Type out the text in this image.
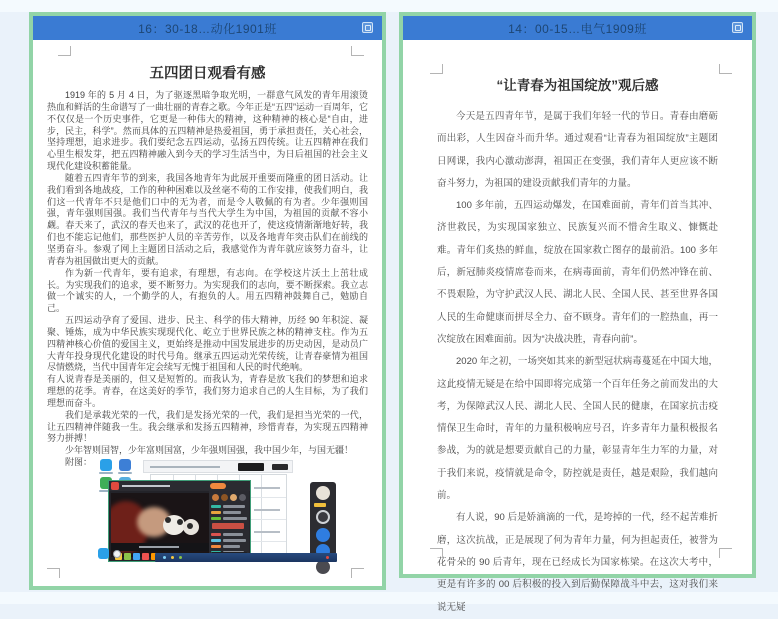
16：30-18…动化1901班
五四团日观看有感

1919 年的 5 月 4 日，为了驱逐黑暗争取光明，一群意气风发的青年用滚烫热血和鲜活的生命谱写了一曲壮丽的青春之歌。今年正是“五四”运动一百周年，它不仅仅是一个历史事件，它更是一种伟大的精神，这种精神的核心是“自由，进步，民主，科学”。然而具体的五四精神是热爱祖国，勇于承担责任，关心社会，坚持理想，追求进步。我们要纪念五四运动，弘扬五四传统。让五四精神在我们心里生根发芽，把五四精神融入到今天的学习生活当中，为日后祖国的社会主义现代化建设积蓄能量。

随着五四青年节的到来，我国各地青年为此展开重要而隆重的团日活动。让我们看到各地战疫，工作的种种困难以及丝毫不苟的工作安排，使我们明白，我们这一代青年不只是他们口中的无为者，而是令人敬佩的有为者。少年强则国强，青年强则国强。我们当代青年与当代大学生为中国，为祖国的贡献不容小觑。春天来了，武汉的春天也来了，武汉的花也开了，使这疫情渐渐地好转，我们也不能忘记他们，那些医护人员的辛苦劳作，以及各地青年突击队们在前线的坚勇奋斗。参观了网上主题团日活动之后，我感觉作为青年就应该努力奋斗，让青春为祖国做出更大的贡献。

作为新一代青年，要有追求，有理想，有志向。在学校这片沃土上茁壮成长。为实现我们的追求，要不断努力。为实现我们的志向，要不断探索。我立志做一个诚实的人，一个勤学的人，有抱负的人。用五四精神鼓舞自己，勉励自己。

五四运动孕育了爱国、进步、民主、科学的伟大精神，历经 90 年积淀、凝聚、锤炼，成为中华民族实现现代化、屹立于世界民族之林的精神支柱。作为五四精神核心价值的爱国主义，更始终是推动中国发展进步的历史动因，是动员广大青年投身现代化建设的时代号角。继承五四运动光荣传统，让青春豪情为祖国尽情燃烧，当代中国青年定会续写无愧于祖国和人民的时代绝响。

有人说青春是美丽的，但又是短暂的。而我认为，青春是放飞我们的梦想和追求理想的花季。青春，在这美好的季节，我们努力追求自己的人生目标，为了我们理想而奋斗。

我们是承载光荣的一代，我们是发扬光荣的一代，我们是担当光荣的一代，让五四精神伴随我一生。我会继承和发扬五四精神，珍惜青春，为实现五四精神努力拼搏！

少年智则国智，少年富则国富，少年强则国强，我中国少年，与国无疆！

附图：

14：00-15…电气1909班
“让青春为祖国绽放”观后感

今天是五四青年节，是属于我们年轻一代的节日。青春由磨砺而出彩，人生因奋斗而升华。通过观看“让青春为祖国绽放”主题团日网课，我内心激动澎湃，祖国正在变强，我们青年人更应该不断奋斗努力，为祖国的建设贡献我们青年的力量。

100 多年前，五四运动爆发，在国难面前，青年们首当其冲、济世救民，为实现国家独立、民族复兴而不惜舍生取义、慷慨赴难。青年们炙热的鲜血，绽放在国家救亡图存的最前沿。100 多年后，新冠肺炎疫情席卷而来，在病毒面前，青年们仍然冲锋在前、不畏艰险，为守护武汉人民、湖北人民、全国人民、甚至世界各国人民的生命健康而拼尽全力、奋不顾身。青年们的一腔热血，再一次绽放在困难面前。因为“决战决胜，青春向前”。

2020 年之初，一场突如其来的新型冠状病毒蔓延在中国大地，这此疫情无疑是在给中国即将完成第一个百年任务之前而发出的大考，为保障武汉人民、湖北人民、全国人民的健康，在国家抗击疫情保卫生命时，青年的力量积极响应号召，许多青年力量积极报名参战，为的就是想要贡献自己的力量，彰显青年生力军的力量，对于我们来说，疫情就是命令，防控就是责任，越是艰险，我们越向前。

有人说，90 后是娇滴滴的一代，是垮掉的一代，经不起苦难折磨，这次抗战，正是展现了何为青年力量，何为担起责任，被誉为花骨朵的 90 后青年，现在已经成长为国家栋梁。在这次大考中，更是有许多的 00 后积极的投入到后勤保障战斗中去，这对我们来说无疑
